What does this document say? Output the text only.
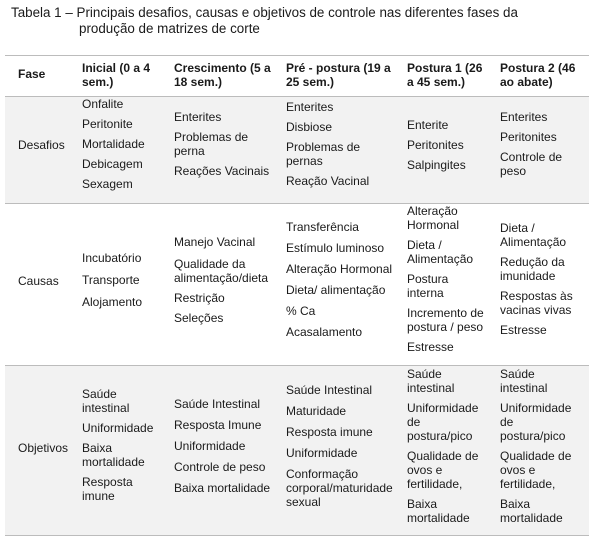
Tabela 1 – Principais desafios, causas e objetivos de controle nas diferentes fases da
produção de matrizes de corte
Fase	Inicial (0 a 4
sem.)
Crescimento (5 a
18 sem.)
Pré - postura (19 a
25 sem.)
Postura 1 (26
a 45 sem.)
Postura 2 (46
ao abate)
Desafios
Onfalite
Peritonite
Mortalidade
Debicagem
Sexagem
Enterites
Problemas de
perna
Reações Vacinais
Enterites
Disbiose
Problemas de
pernas
Reação Vacinal
Enterite
Peritonites
Salpingites
Enterites
Peritonites
Controle de
peso
Causas
Incubatório
Transporte
Alojamento
Manejo Vacinal
Qualidade da
alimentação/dieta
Restrição
Seleções
Transferência
Estímulo luminoso
Alteração Hormonal
Dieta/ alimentação
% Ca
Acasalamento
Alteração
Hormonal
Dieta /
Alimentação
Postura
interna
Incremento de
postura / peso
Estresse
Dieta /
Alimentação
Redução da
imunidade
Respostas às
vacinas vivas
Estresse
Objetivos
Saúde
intestinal
Uniformidade
Baixa
mortalidade
Resposta
imune
Saúde Intestinal
Resposta Imune
Uniformidade
Controle de peso
Baixa mortalidade
Saúde Intestinal
Maturidade
Resposta imune
Uniformidade
Conformação
corporal/maturidade
sexual
Saúde
intestinal
Uniformidade
de
postura/pico
Qualidade de
ovos e
fertilidade,
Baixa
mortalidade
Saúde
intestinal
Uniformidade
de
postura/pico
Qualidade de
ovos e
fertilidade,
Baixa
mortalidade
